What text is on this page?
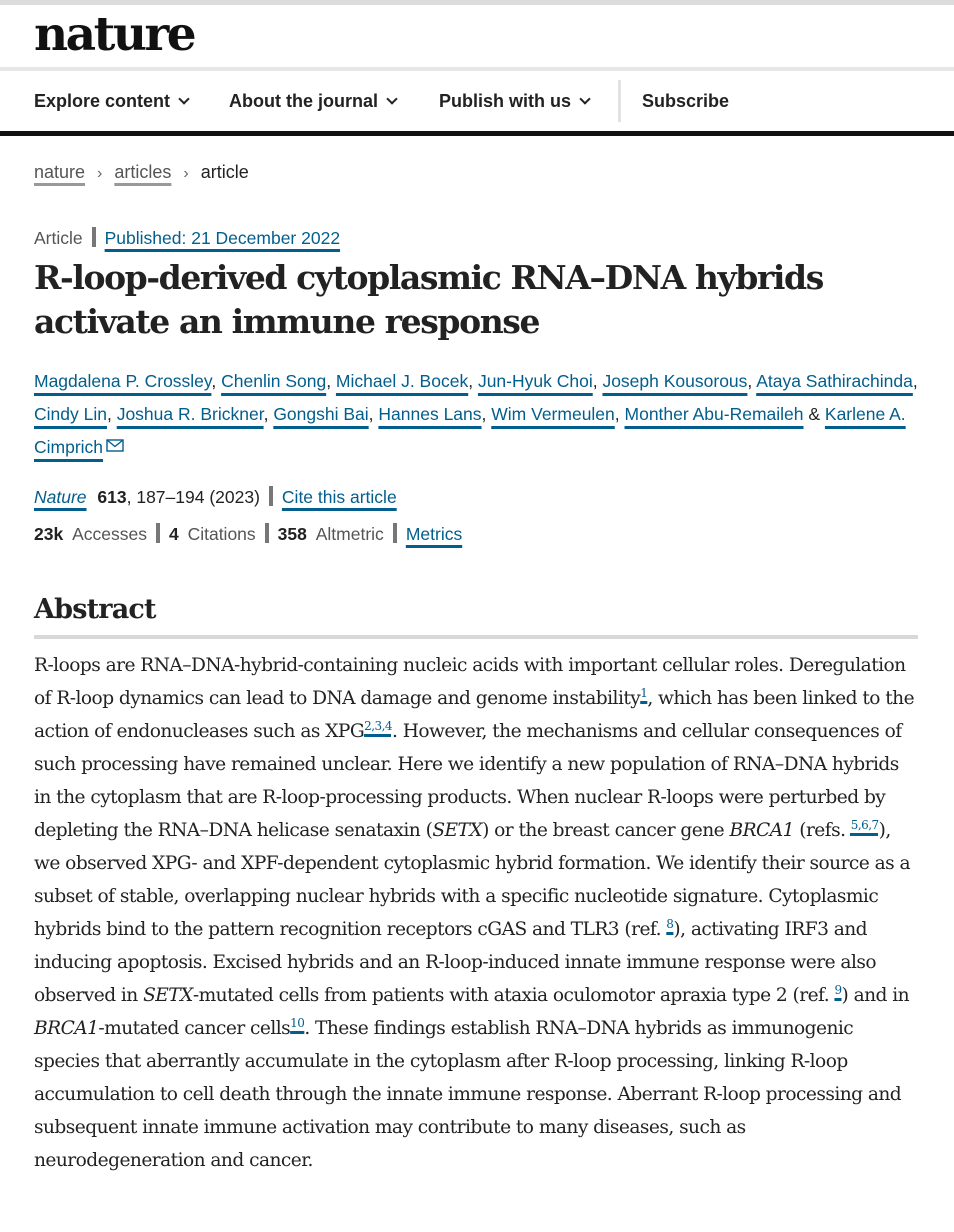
nature
Explore content	About the journal	Publish with us	Subscribe
nature › articles › article
Article Published: 21 December 2022
R-loop-derived cytoplasmic RNA–DNA hybrids activate an immune response
Magdalena P. Crossley, Chenlin Song, Michael J. Bocek, Jun-Hyuk Choi, Joseph Kousorous, Ataya Sathirachinda, Cindy Lin, Joshua R. Brickner, Gongshi Bai, Hannes Lans, Wim Vermeulen, Monther Abu-Remaileh & Karlene A. Cimprich
Nature 613, 187–194 (2023) Cite this article
23k Accesses 4 Citations 358 Altmetric Metrics
Abstract

R-loops are RNA–DNA-hybrid-containing nucleic acids with important cellular roles. Deregulation of R-loop dynamics can lead to DNA damage and genome instability$^1$, which has been linked to the action of endonucleases such as XPG$^{2,3,4}$. However, the mechanisms and cellular consequences of such processing have remained unclear. Here we identify a new population of RNA–DNA hybrids in the cytoplasm that are R-loop-processing products. When nuclear R-loops were perturbed by depleting the RNA–DNA helicase senataxin (SETX) or the breast cancer gene BRCA1 (refs. $^{5,6,7}$), we observed XPG- and XPF-dependent cytoplasmic hybrid formation. We identify their source as a subset of stable, overlapping nuclear hybrids with a specific nucleotide signature. Cytoplasmic hybrids bind to the pattern recognition receptors cGAS and TLR3 (ref. $^8$), activating IRF3 and inducing apoptosis. Excised hybrids and an R-loop-induced innate immune response were also observed in SETX-mutated cells from patients with ataxia oculomotor apraxia type 2 (ref. $^9$) and in BRCA1-mutated cancer cells$^{10}$. These findings establish RNA–DNA hybrids as immunogenic species that aberrantly accumulate in the cytoplasm after R-loop processing, linking R-loop accumulation to cell death through the innate immune response. Aberrant R-loop processing and subsequent innate immune activation may contribute to many diseases, such as neurodegeneration and cancer.
